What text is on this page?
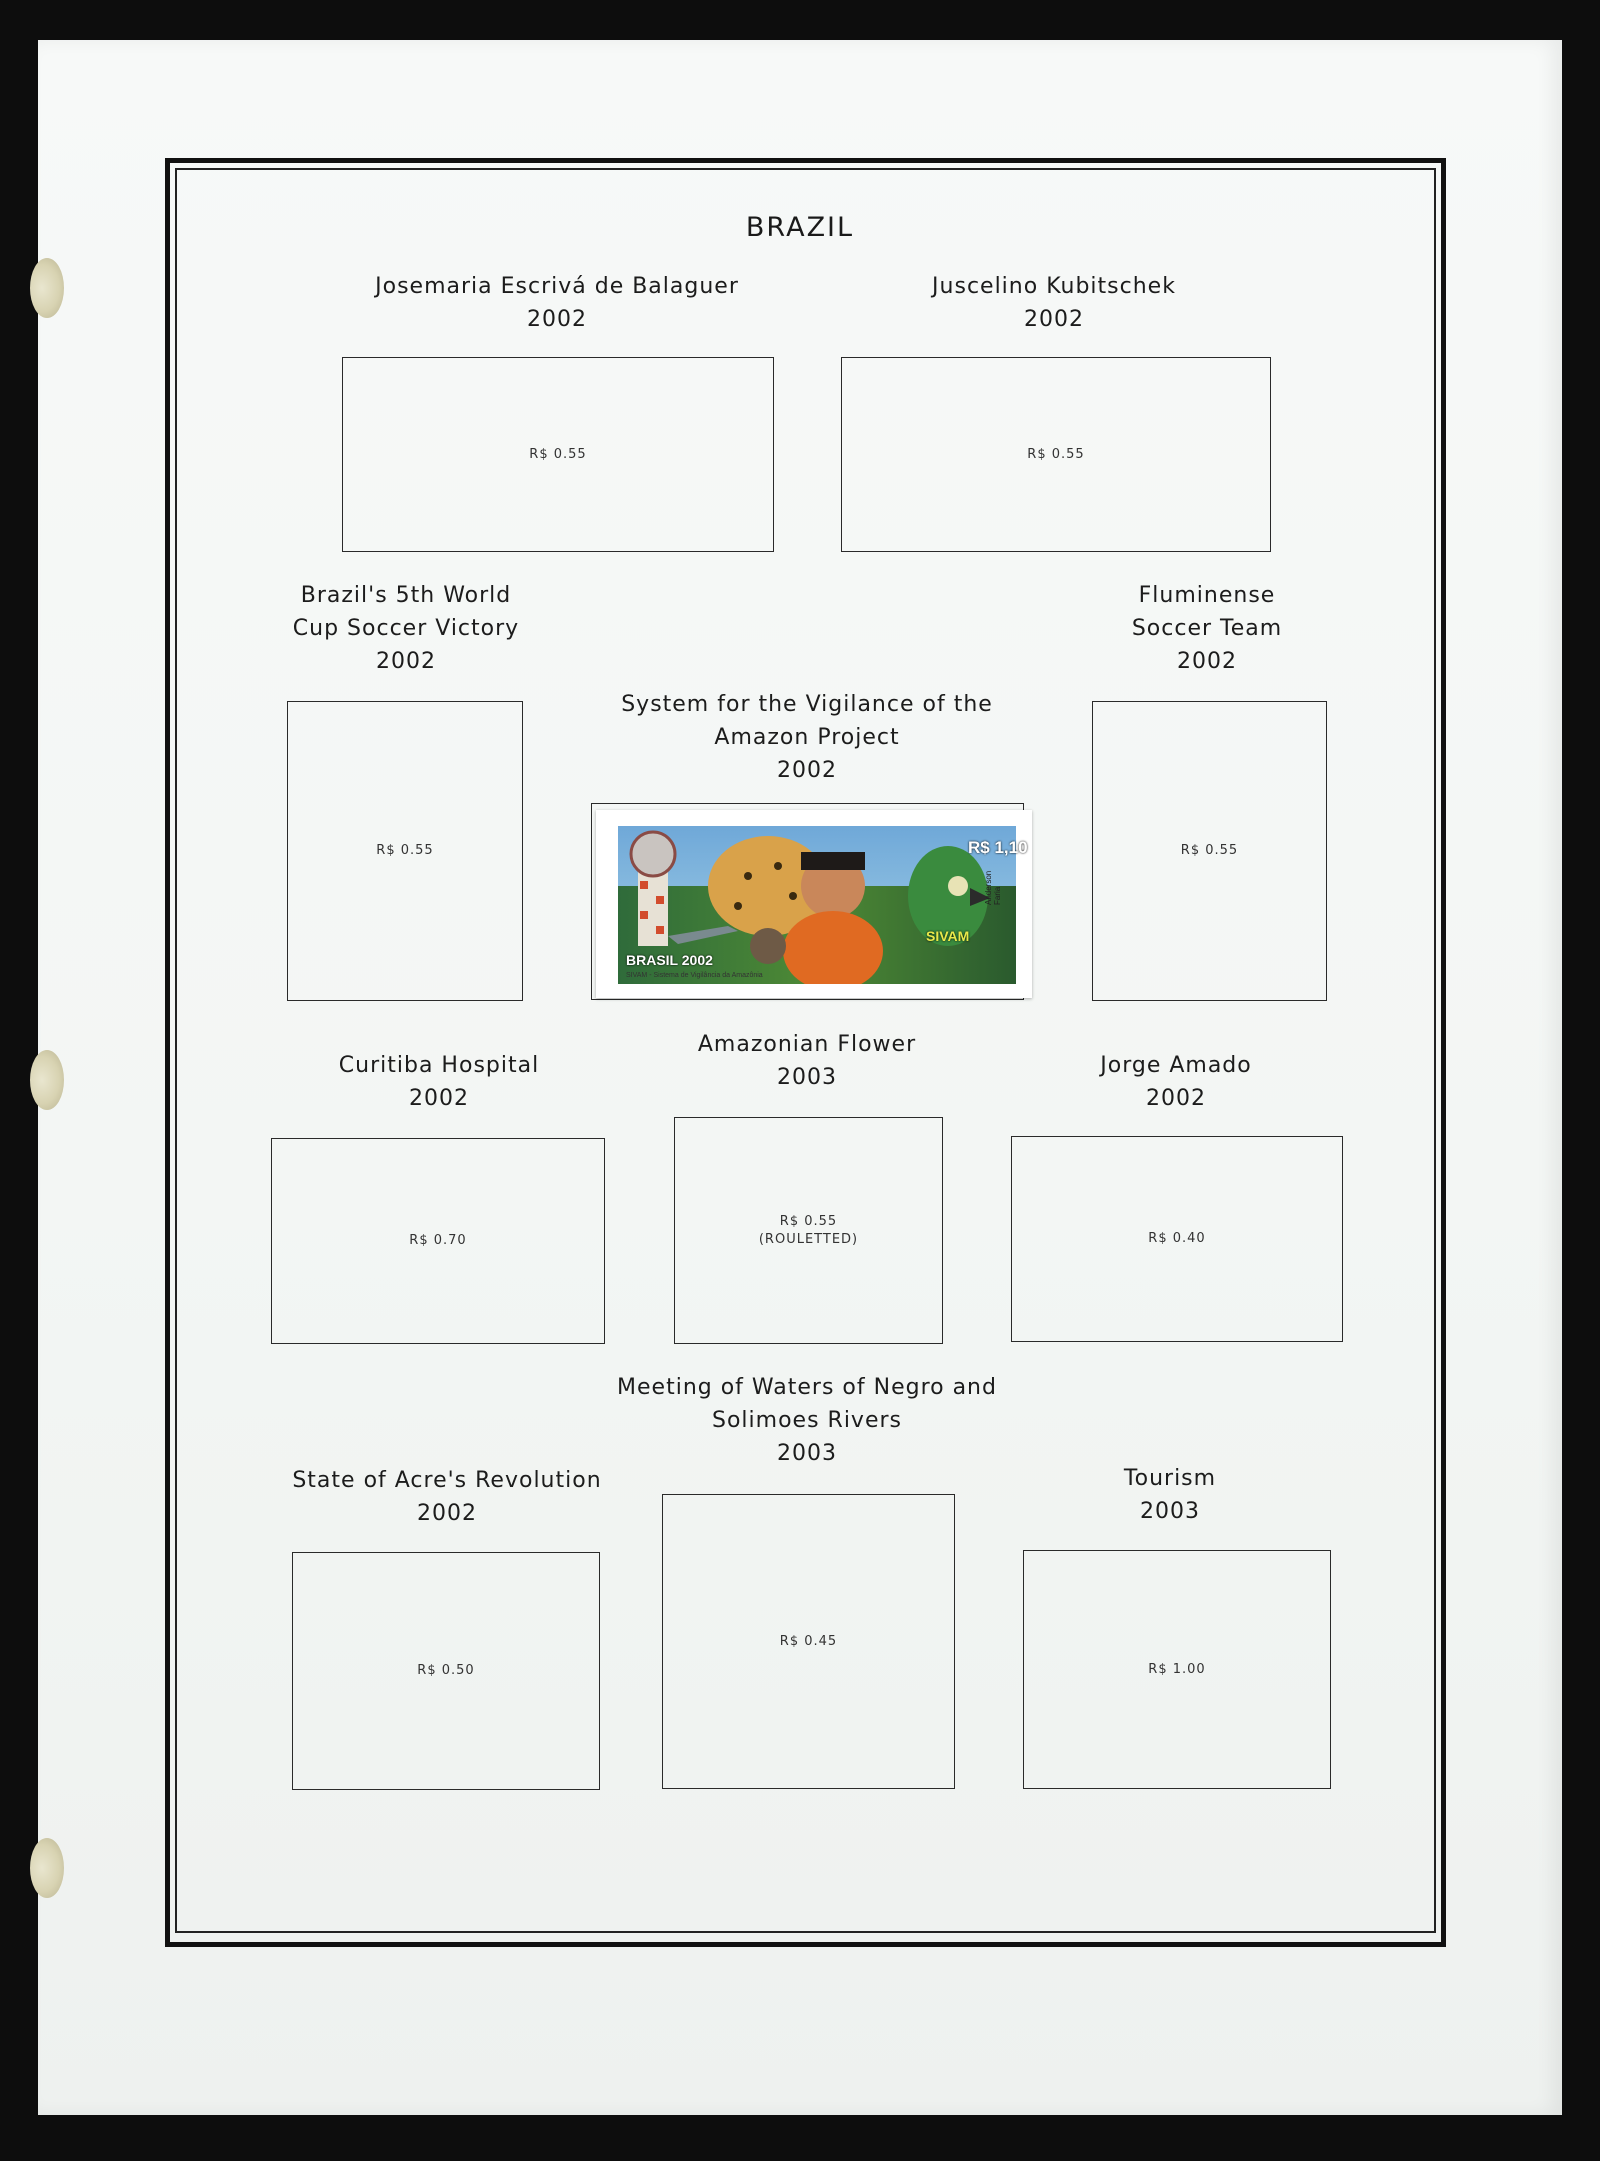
BRAZIL
Josemaria Escrivá de Balaguer
2002
R$ 0.55
Juscelino Kubitschek
2002
R$ 0.55
Brazil's 5th World
Cup Soccer Victory
2002
R$ 0.55
System for the Vigilance of the
Amazon Project
2002
R$ 1,10
BRASIL 2002
SIVAM
Anderson Faria
SIVAM - Sistema de Vigilância da Amazônia
Fluminense
Soccer Team
2002
R$ 0.55
Curitiba Hospital
2002
R$ 0.70
Amazonian Flower
2003
R$ 0.55
(ROULETTED)
Jorge Amado
2002
R$ 0.40
State of Acre's Revolution
2002
R$ 0.50
Meeting of Waters of Negro and
Solimoes Rivers
2003
R$ 0.45
Tourism
2003
R$ 1.00
